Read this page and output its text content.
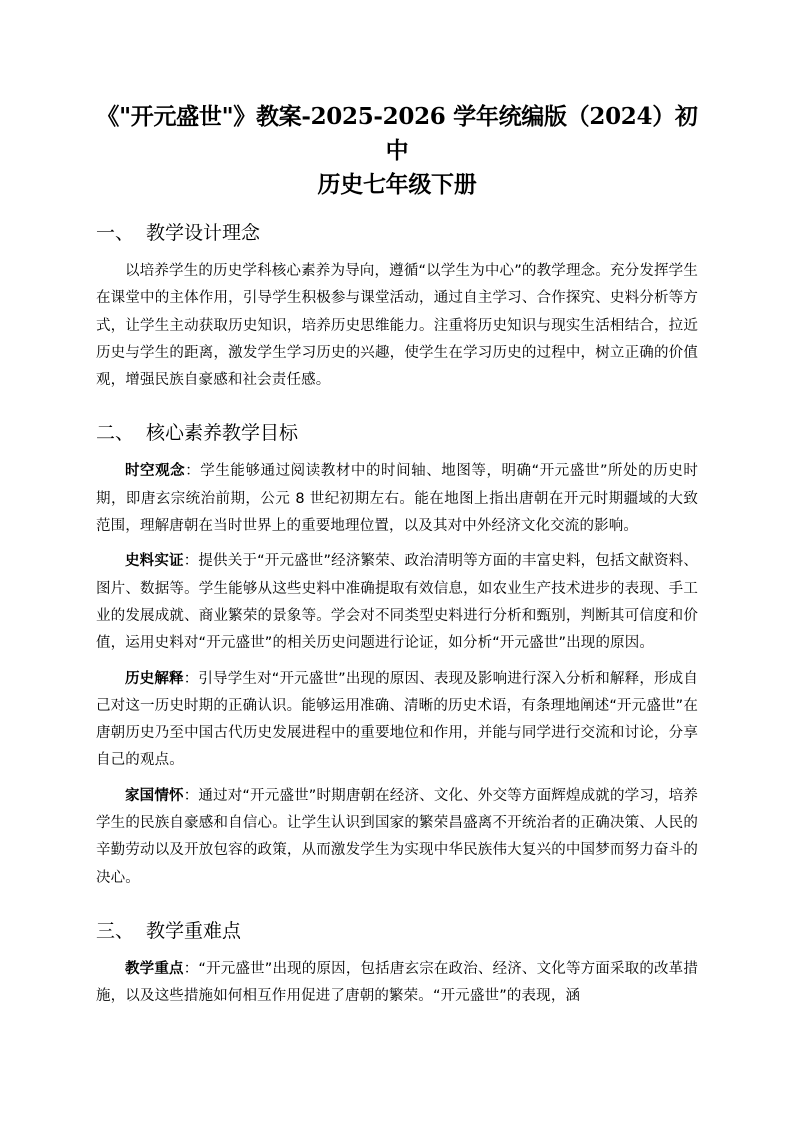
《"开元盛世"》教案-2025-2026 学年统编版（2024）初中
历史七年级下册
一、 教学设计理念

以培养学生的历史学科核心素养为导向，遵循“以学生为中心”的教学理念。充分发挥学生在课堂中的主体作用，引导学生积极参与课堂活动，通过自主学习、合作探究、史料分析等方式，让学生主动获取历史知识，培养历史思维能力。注重将历史知识与现实生活相结合，拉近历史与学生的距离，激发学生学习历史的兴趣，使学生在学习历史的过程中，树立正确的价值观，增强民族自豪感和社会责任感。

二、 核心素养教学目标

时空观念：学生能够通过阅读教材中的时间轴、地图等，明确“开元盛世”所处的历史时期，即唐玄宗统治前期，公元 8 世纪初期左右。能在地图上指出唐朝在开元时期疆域的大致范围，理解唐朝在当时世界上的重要地理位置，以及其对中外经济文化交流的影响。

史料实证：提供关于“开元盛世”经济繁荣、政治清明等方面的丰富史料，包括文献资料、图片、数据等。学生能够从这些史料中准确提取有效信息，如农业生产技术进步的表现、手工业的发展成就、商业繁荣的景象等。学会对不同类型史料进行分析和甄别，判断其可信度和价值，运用史料对“开元盛世”的相关历史问题进行论证，如分析“开元盛世”出现的原因。

历史解释：引导学生对“开元盛世”出现的原因、表现及影响进行深入分析和解释，形成自己对这一历史时期的正确认识。能够运用准确、清晰的历史术语，有条理地阐述“开元盛世”在唐朝历史乃至中国古代历史发展进程中的重要地位和作用，并能与同学进行交流和讨论，分享自己的观点。

家国情怀：通过对“开元盛世”时期唐朝在经济、文化、外交等方面辉煌成就的学习，培养学生的民族自豪感和自信心。让学生认识到国家的繁荣昌盛离不开统治者的正确决策、人民的辛勤劳动以及开放包容的政策，从而激发学生为实现中华民族伟大复兴的中国梦而努力奋斗的决心。

三、 教学重难点

教学重点：“开元盛世”出现的原因，包括唐玄宗在政治、经济、文化等方面采取的改革措施，以及这些措施如何相互作用促进了唐朝的繁荣。“开元盛世”的表现，涵
